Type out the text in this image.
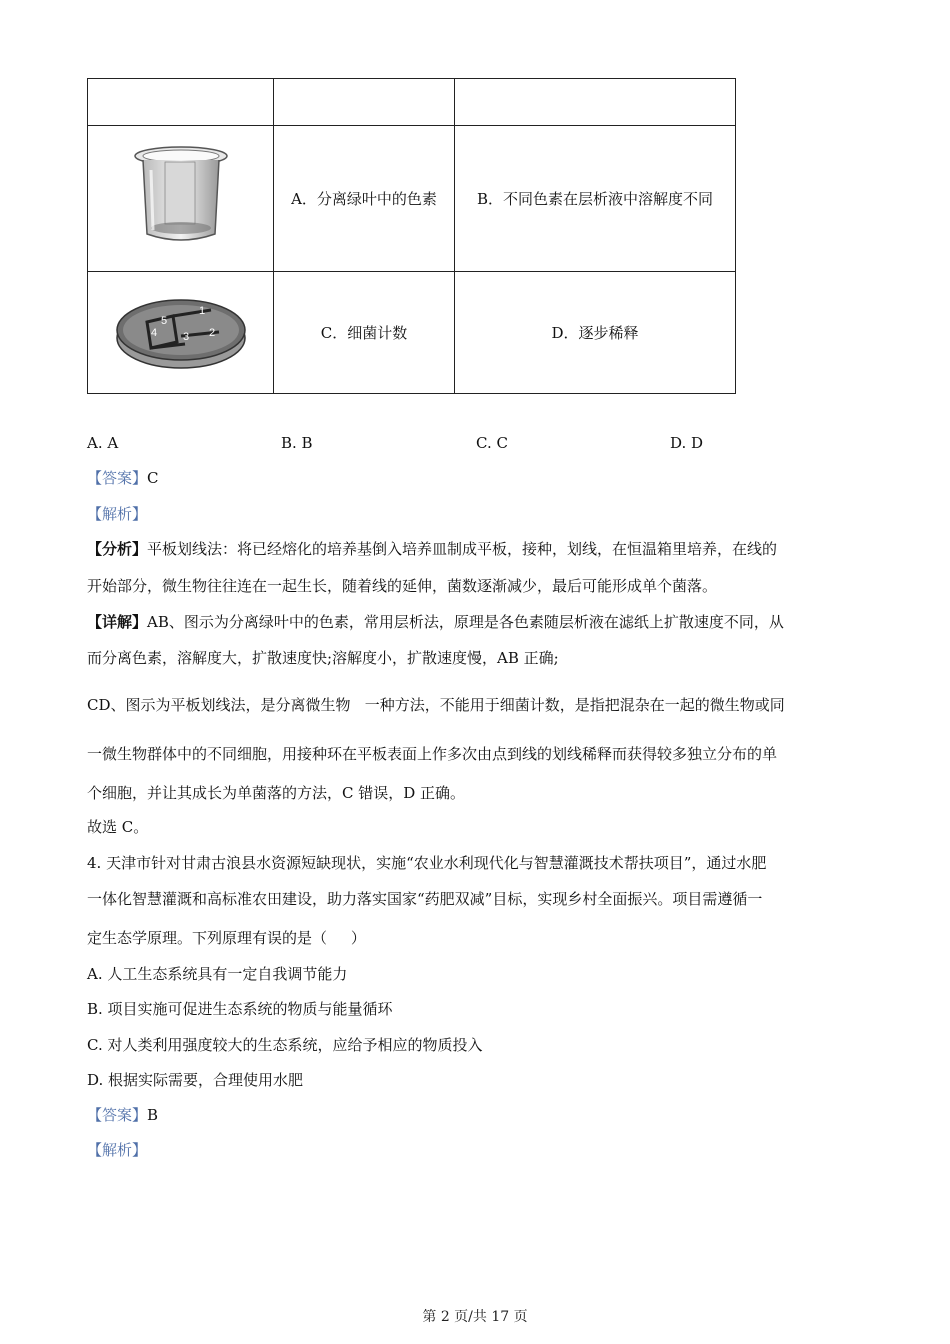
	A．分离绿叶中的色素	B．不同色素在层析液中溶解度不同

1
2
3
4
5	C．细菌计数	D．逐步稀释
A. A	B. B	C. C	D. D
【答案】C
【解析】
【分析】平板划线法：将已经熔化的培养基倒入培养皿制成平板，接种，划线，在恒温箱里培养，在线的
开始部分，微生物往往连在一起生长，随着线的延伸，菌数逐渐减少，最后可能形成单个菌落。
【详解】AB、图示为分离绿叶中的色素，常用层析法，原理是各色素随层析液在滤纸上扩散速度不同，从
而分离色素，溶解度大，扩散速度快;溶解度小，扩散速度慢，AB 正确;
CD、图示为平板划线法，是分离微生物   一种方法，不能用于细菌计数，是指把混杂在一起的微生物或同
一微生物群体中的不同细胞，用接种环在平板表面上作多次由点到线的划线稀释而获得较多独立分布的单
个细胞，并让其成长为单菌落的方法，C 错误，D 正确。
故选 C。
4. 天津市针对甘肃古浪县水资源短缺现状，实施“农业水利现代化与智慧灌溉技术帮扶项目”，通过水肥
一体化智慧灌溉和高标准农田建设，助力落实国家“药肥双减”目标，实现乡村全面振兴。项目需遵循一
定生态学原理。下列原理有误的是（     ）
A. 人工生态系统具有一定自我调节能力
B. 项目实施可促进生态系统的物质与能量循环
C. 对人类利用强度较大的生态系统，应给予相应的物质投入
D. 根据实际需要，合理使用水肥
【答案】B
【解析】
第 2 页/共 17 页
